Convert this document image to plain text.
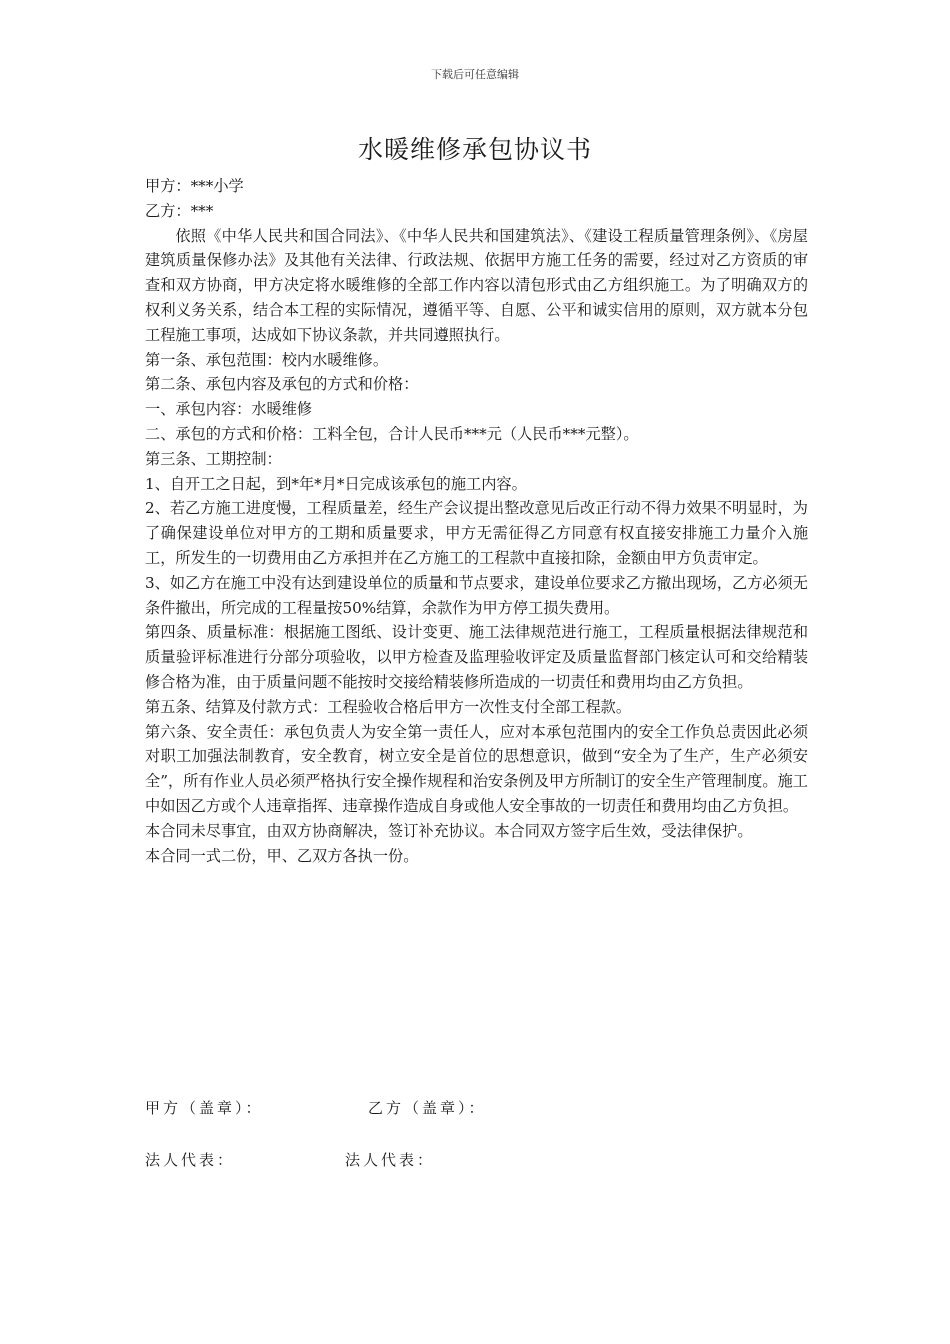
下载后可任意编辑
水暖维修承包协议书

甲方：***小学

乙方：***

依照《中华人民共和国合同法》、《中华人民共和国建筑法》、《建设工程质量管理条例》、《房屋建筑质量保修办法》及其他有关法律、行政法规、依据甲方施工任务的需要，经过对乙方资质的审查和双方协商，甲方决定将水暖维修的全部工作内容以清包形式由乙方组织施工。为了明确双方的权利义务关系，结合本工程的实际情况，遵循平等、自愿、公平和诚实信用的原则，双方就本分包工程施工事项，达成如下协议条款，并共同遵照执行。

第一条、承包范围：校内水暖维修。

第二条、承包内容及承包的方式和价格：

一、承包内容：水暖维修

二、承包的方式和价格：工料全包，合计人民币***元（人民币***元整）。

第三条、工期控制：

1、自开工之日起，到*年*月*日完成该承包的施工内容。

2、若乙方施工进度慢，工程质量差，经生产会议提出整改意见后改正行动不得力效果不明显时，为了确保建设单位对甲方的工期和质量要求，甲方无需征得乙方同意有权直接安排施工力量介入施工，所发生的一切费用由乙方承担并在乙方施工的工程款中直接扣除，金额由甲方负责审定。

3、如乙方在施工中没有达到建设单位的质量和节点要求，建设单位要求乙方撤出现场，乙方必须无条件撤出，所完成的工程量按50%结算，余款作为甲方停工损失费用。

第四条、质量标准：根据施工图纸、设计变更、施工法律规范进行施工，工程质量根据法律规范和质量验评标准进行分部分项验收，以甲方检查及监理验收评定及质量监督部门核定认可和交给精装修合格为准，由于质量问题不能按时交接给精装修所造成的一切责任和费用均由乙方负担。

第五条、结算及付款方式：工程验收合格后甲方一次性支付全部工程款。

第六条、安全责任：承包负责人为安全第一责任人，应对本承包范围内的安全工作负总责因此必须对职工加强法制教育，安全教育，树立安全是首位的思想意识，做到“安全为了生产，生产必须安全”，所有作业人员必须严格执行安全操作规程和治安条例及甲方所制订的安全生产管理制度。施工中如因乙方或个人违章指挥、违章操作造成自身或他人安全事故的一切责任和费用均由乙方负担。

本合同未尽事宜，由双方协商解决，签订补充协议。本合同双方签字后生效，受法律保护。

本合同一式二份，甲、乙双方各执一份。

甲方（盖章）：	乙方（盖章）：
法人代表：	法人代表：
